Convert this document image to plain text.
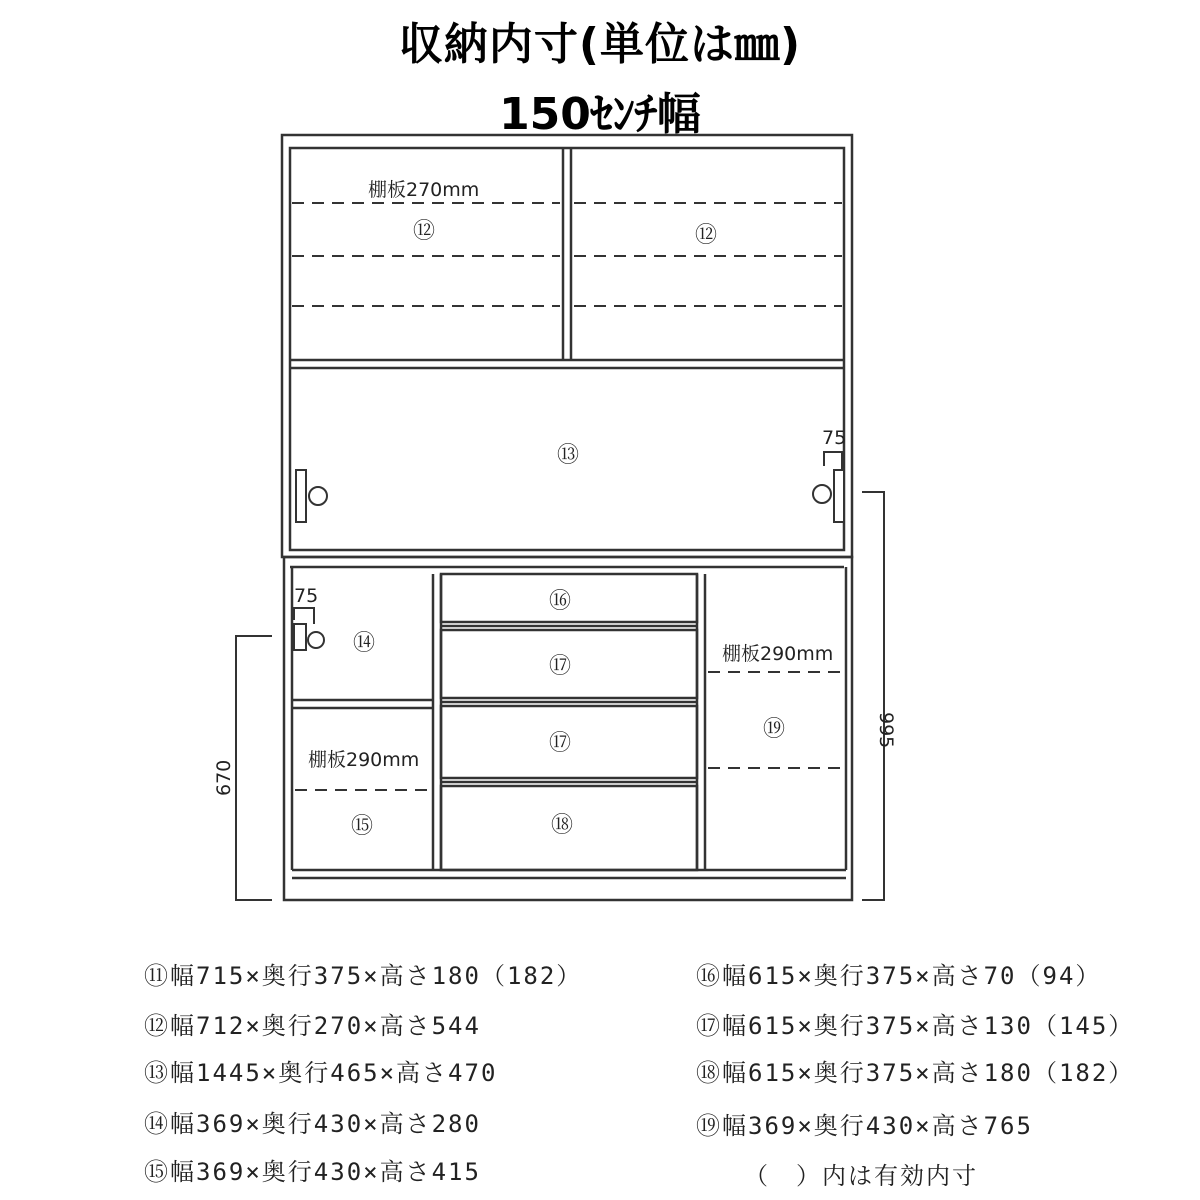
収納内寸(単位は㎜)
150ｾﾝﾁ幅
⑫	⑫
⑬
⑭
⑮
⑯
⑰
⑰
⑱
⑲
棚板270mm
棚板290mm
棚板290mm
75
75
995
670
⑪幅715×奥行375×高さ180（182）
⑫幅712×奥行270×高さ544
⑬幅1445×奥行465×高さ470
⑭幅369×奥行430×高さ280
⑮幅369×奥行430×高さ415
⑯幅615×奥行375×高さ70（94）
⑰幅615×奥行375×高さ130（145）
⑱幅615×奥行375×高さ180（182）
⑲幅369×奥行430×高さ765
（　）内は有効内寸
